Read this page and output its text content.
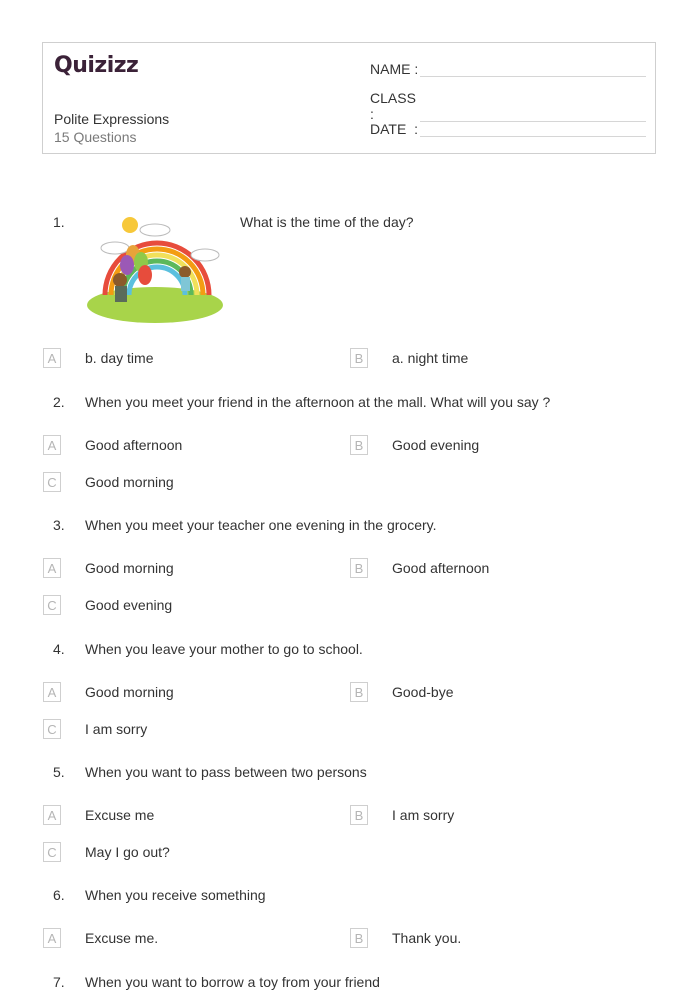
Quizizz
Polite Expressions
15 Questions
NAME :
CLASS :
DATE  :
1.	What is the time of the day?
A	b. day time	B	a. night time
2. When you meet your friend in the afternoon at the mall. What will you say ?
A	Good afternoon	B	Good evening
C	Good morning
3. When you meet your teacher one evening in the grocery.
A	Good morning	B	Good afternoon
C	Good evening
4. When you leave your mother to go to school.
A	Good morning	B	Good-bye
C	I am sorry
5. When you want to pass between two persons
A	Excuse me	B	I am sorry
C	May I go out?
6. When you receive something
A	Excuse me.	B	Thank you.
7. When you want to borrow a toy from your friend
